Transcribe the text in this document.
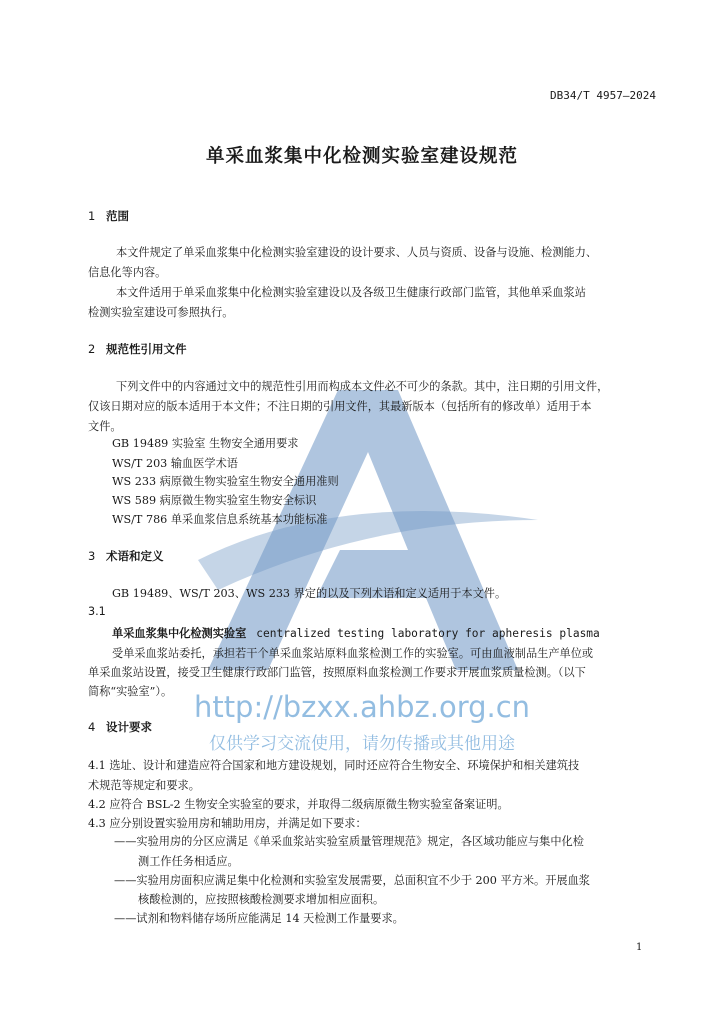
DB34/T 4957—2024
单采血浆集中化检测实验室建设规范
1 范围
本文件规定了单采血浆集中化检测实验室建设的设计要求、人员与资质、设备与设施、检测能力、
信息化等内容。
本文件适用于单采血浆集中化检测实验室建设以及各级卫生健康行政部门监管，其他单采血浆站
检测实验室建设可参照执行。
2 规范性引用文件
下列文件中的内容通过文中的规范性引用而构成本文件必不可少的条款。其中，注日期的引用文件，
仅该日期对应的版本适用于本文件；不注日期的引用文件，其最新版本（包括所有的修改单）适用于本
文件。
GB 19489 实验室 生物安全通用要求
WS/T 203 输血医学术语
WS 233 病原微生物实验室生物安全通用准则
WS 589 病原微生物实验室生物安全标识
WS/T 786 单采血浆信息系统基本功能标准
3 术语和定义
GB 19489、WS/T 203、WS 233 界定的以及下列术语和定义适用于本文件。
3.1
单采血浆集中化检测实验室 centralized testing laboratory for apheresis plasma
受单采血浆站委托，承担若干个单采血浆站原料血浆检测工作的实验室。可由血液制品生产单位或
单采血浆站设置，接受卫生健康行政部门监管，按照原料血浆检测工作要求开展血浆质量检测。（以下
简称“实验室”）。
4 设计要求
4.1 选址、设计和建造应符合国家和地方建设规划，同时还应符合生物安全、环境保护和相关建筑技
术规范等规定和要求。
4.2 应符合 BSL-2 生物安全实验室的要求，并取得二级病原微生物实验室备案证明。
4.3 应分别设置实验用房和辅助用房，并满足如下要求：
——实验用房的分区应满足《单采血浆站实验室质量管理规范》规定，各区域功能应与集中化检
测工作任务相适应。
——实验用房面积应满足集中化检测和实验室发展需要，总面积宜不少于 200 平方米。开展血浆
核酸检测的，应按照核酸检测要求增加相应面积。
——试剂和物料储存场所应能满足 14 天检测工作量要求。
http://bzxx.ahbz.org.cn
仅供学习交流使用，请勿传播或其他用途
1
